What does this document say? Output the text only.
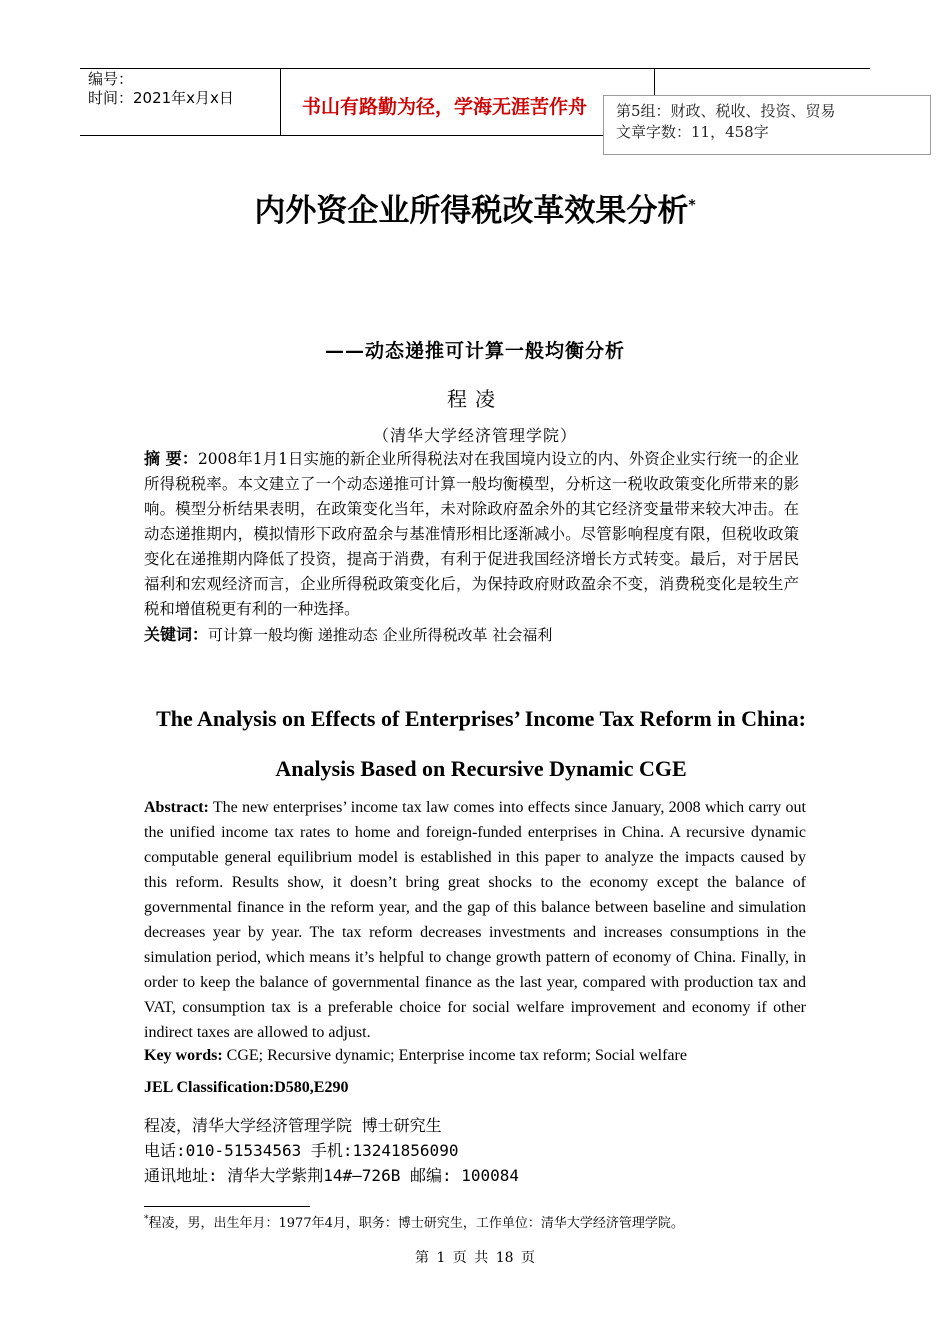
编号：
时间：2021年x月x日	书山有路勤为径，学海无涯苦作舟	第5组：财政、税收、投资、贸易
文章字数：11，458字
内外资企业所得税改革效果分析*
——动态递推可计算一般均衡分析
程凌
（清华大学经济管理学院）
摘 要：2008年1月1日实施的新企业所得税法对在我国境内设立的内、外资企业实行统一的企业所得税税率。本文建立了一个动态递推可计算一般均衡模型，分析这一税收政策变化所带来的影响。模型分析结果表明，在政策变化当年，未对除政府盈余外的其它经济变量带来较大冲击。在动态递推期内，模拟情形下政府盈余与基准情形相比逐渐减小。尽管影响程度有限，但税收政策变化在递推期内降低了投资，提高于消费，有利于促进我国经济增长方式转变。最后，对于居民福利和宏观经济而言，企业所得税政策变化后，为保持政府财政盈余不变，消费税变化是较生产税和增值税更有利的一种选择。
关键词：可计算一般均衡 递推动态 企业所得税改革 社会福利
The Analysis on Effects of Enterprises’ Income Tax Reform in China:
Analysis Based on Recursive Dynamic CGE
Abstract: The new enterprises’ income tax law comes into effects since January, 2008 which carry out the unified income tax rates to home and foreign-funded enterprises in China. A recursive dynamic computable general equilibrium model is established in this paper to analyze the impacts caused by this reform. Results show, it doesn’t bring great shocks to the economy except the balance of governmental finance in the reform year, and the gap of this balance between baseline and simulation decreases year by year. The tax reform decreases investments and increases consumptions in the simulation period, which means it’s helpful to change growth pattern of economy of China. Finally, in order to keep the balance of governmental finance as the last year, compared with production tax and VAT, consumption tax is a preferable choice for social welfare improvement and economy if other indirect taxes are allowed to adjust.
Key words: CGE; Recursive dynamic; Enterprise income tax reform; Social welfare
JEL Classification:D580,E290
程凌，清华大学经济管理学院 博士研究生
电话:010-51534563 手机:13241856090
通讯地址: 清华大学紫荆14#—726B 邮编: 100084
*程凌，男，出生年月：1977年4月，职务：博士研究生，工作单位：清华大学经济管理学院。
第 1 页 共 18 页
